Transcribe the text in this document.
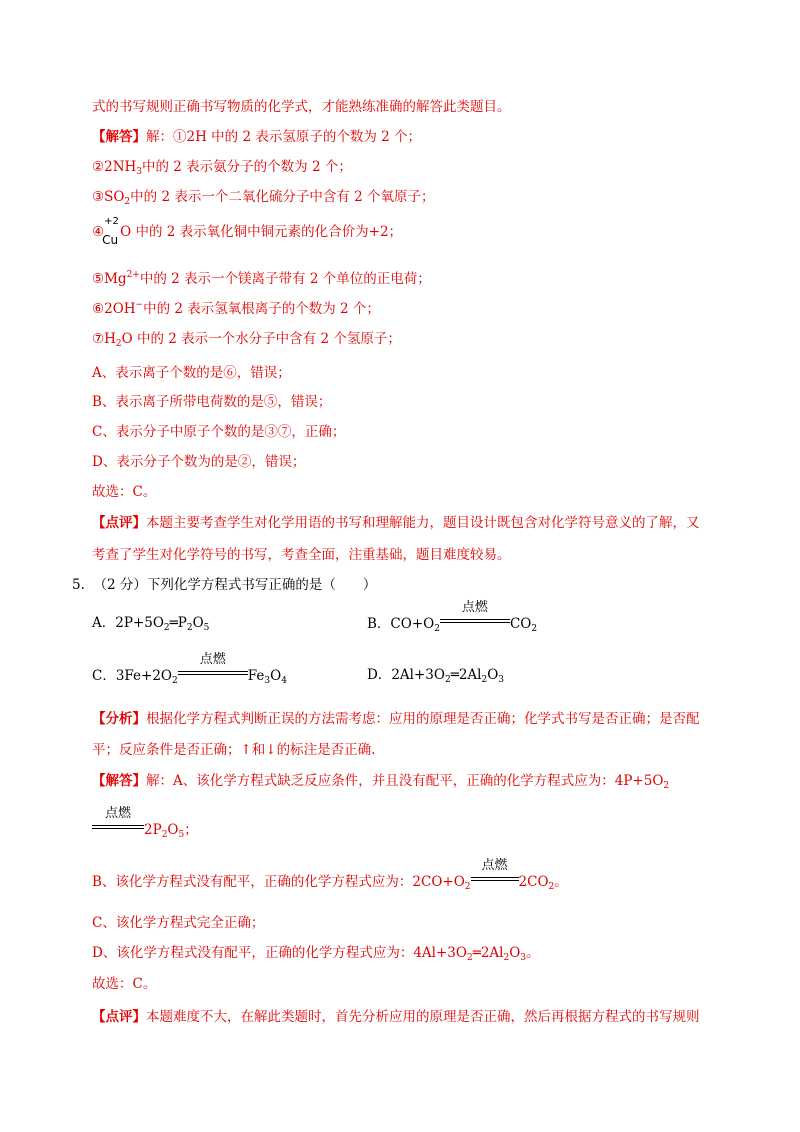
式的书写规则正确书写物质的化学式，才能熟练准确的解答此类题目。
【解答】解：①2H 中的 2 表示氢原子的个数为 2 个；
$②2NH_3$中的 2 表示氨分子的个数为 2 个；
$③SO_2$中的 2 表示一个二氧化硫分子中含有 2 个氧原子；
④
+2
Cu O 中的 2 表示氧化铜中铜元素的化合价为+2；
$⑤Mg^{2+}$中的 2 表示一个镁离子带有 2 个单位的正电荷；
⑥2OH−中的 2 表示氢氧根离子的个数为 2 个；
$⑦H_2O$ 中的 2 表示一个水分子中含有 2 个氢原子；
A、表示离子个数的是⑥，错误；
B、表示离子所带电荷数的是⑤，错误；
C、表示分子中原子个数的是③⑦，正确；
D、表示分子个数为的是②，错误；
故选：C。
【点评】本题主要考查学生对化学用语的书写和理解能力，题目设计既包含对化学符号意义的了解，又
考查了学生对化学符号的书写，考查全面，注重基础，题目难度较易。
5. （2 分）下列化学方程式书写正确的是（　　）
A．$2P+5O_2═P_2O_5$	B．$CO+O_2$
点燃
$CO_2$
C．$3Fe+2O_2$
点燃
$Fe_3O_4$	D．$2Al+3O_2═2Al_2O_3$
【分析】根据化学方程式判断正误的方法需考虑：应用的原理是否正确；化学式书写是否正确；是否配
平；反应条件是否正确；↑和↓的标注是否正确.
【解答】解：A、该化学方程式缺乏反应条件，并且没有配平，正确的化学方程式应为：$4P+5O_2$
点燃
$2P_2O_5$；
B、该化学方程式没有配平，正确的化学方程式应为：$2CO+O_2$
点燃
$2CO_2$。
C、该化学方程式完全正确；
D、该化学方程式没有配平，正确的化学方程式应为：$4Al+3O_2═2Al_2O_3$。
故选：C。
【点评】本题难度不大，在解此类题时，首先分析应用的原理是否正确，然后再根据方程式的书写规则
